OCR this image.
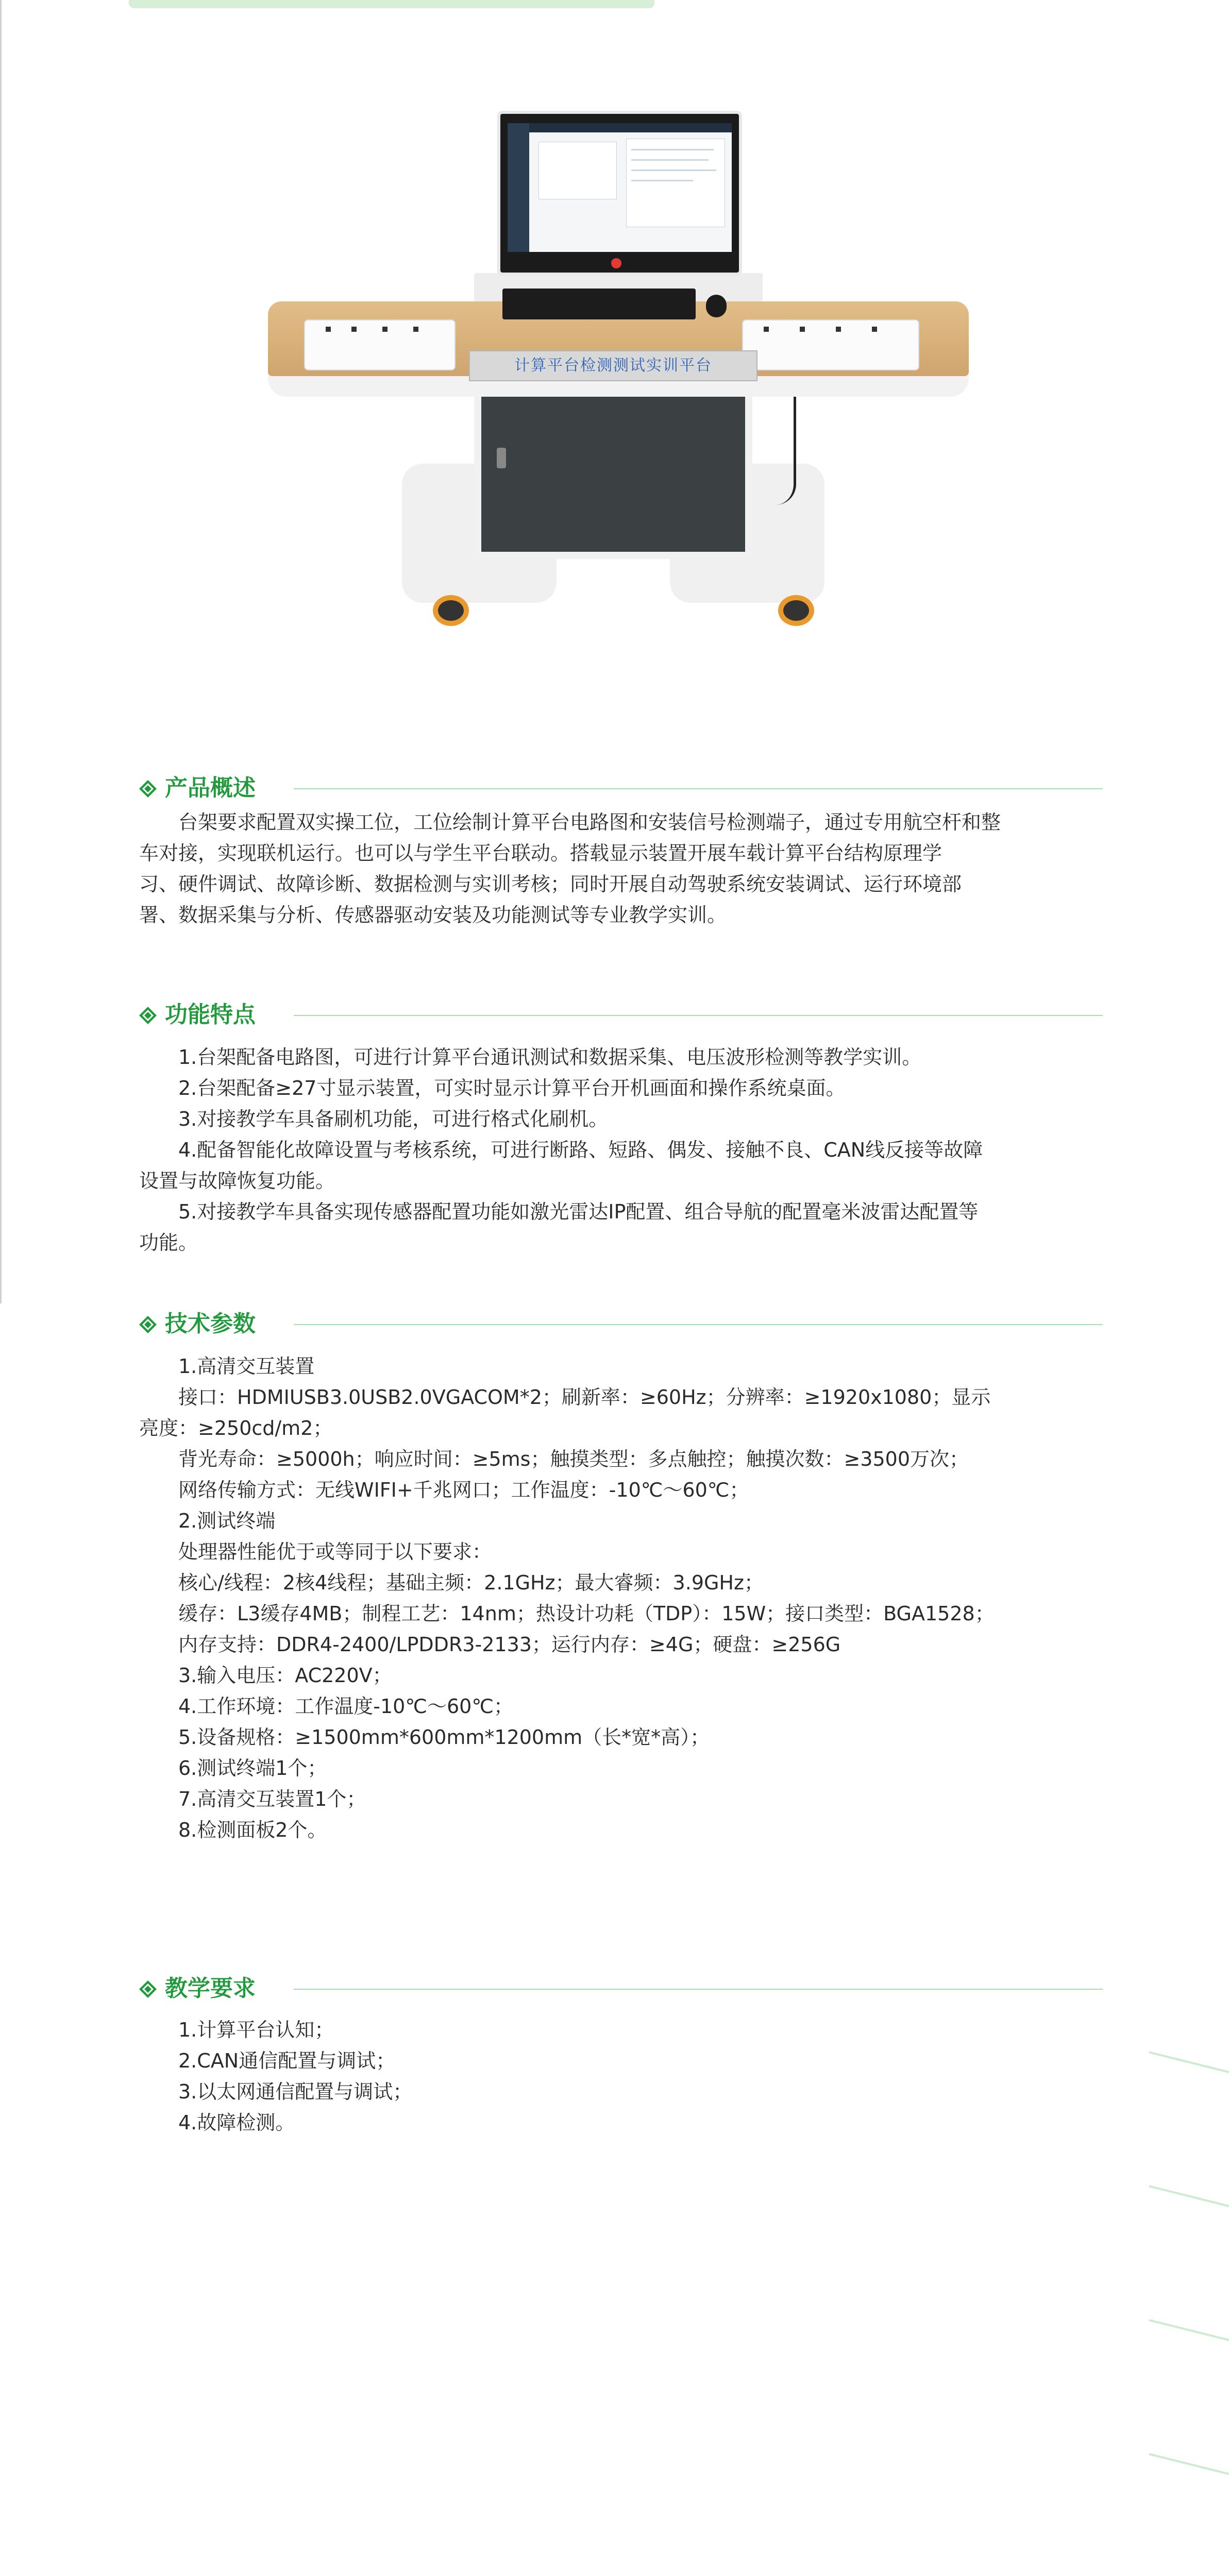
计算平台检测测试实训平台
产品概述

台架要求配置双实操工位，工位绘制计算平台电路图和安装信号检测端子，通过专用航空杆和整
车对接，实现联机运行。也可以与学生平台联动。搭载显示装置开展车载计算平台结构原理学
习、硬件调试、故障诊断、数据检测与实训考核；同时开展自动驾驶系统安装调试、运行环境部
署、数据采集与分析、传感器驱动安装及功能测试等专业教学实训。

功能特点

1.台架配备电路图，可进行计算平台通讯测试和数据采集、电压波形检测等教学实训。
2.台架配备≥27寸显示装置，可实时显示计算平台开机画面和操作系统桌面。
3.对接教学车具备刷机功能，可进行格式化刷机。
4.配备智能化故障设置与考核系统，可进行断路、短路、偶发、接触不良、CAN线反接等故障
设置与故障恢复功能。
5.对接教学车具备实现传感器配置功能如激光雷达IP配置、组合导航的配置毫米波雷达配置等
功能。

技术参数

1.高清交互装置
接口：HDMIUSB3.0USB2.0VGACOM*2；刷新率：≥60Hz；分辨率：≥1920x1080；显示
亮度：≥250cd/m2；
背光寿命：≥5000h；响应时间：≥5ms；触摸类型：多点触控；触摸次数：≥3500万次；
网络传输方式：无线WIFI+千兆网口；工作温度：-10℃～60℃；
2.测试终端
处理器性能优于或等同于以下要求：
核心/线程：2核4线程；基础主频：2.1GHz；最大睿频：3.9GHz；
缓存：L3缓存4MB；制程工艺：14nm；热设计功耗（TDP）：15W；接口类型：BGA1528；
内存支持：DDR4-2400/LPDDR3-2133；运行内存：≥4G；硬盘：≥256G
3.输入电压：AC220V；
4.工作环境：工作温度-10℃～60℃；
5.设备规格：≥1500mm*600mm*1200mm（长*宽*高）；
6.测试终端1个；
7.高清交互装置1个；
8.检测面板2个。

教学要求

1.计算平台认知；
2.CAN通信配置与调试；
3.以太网通信配置与调试；
4.故障检测。
